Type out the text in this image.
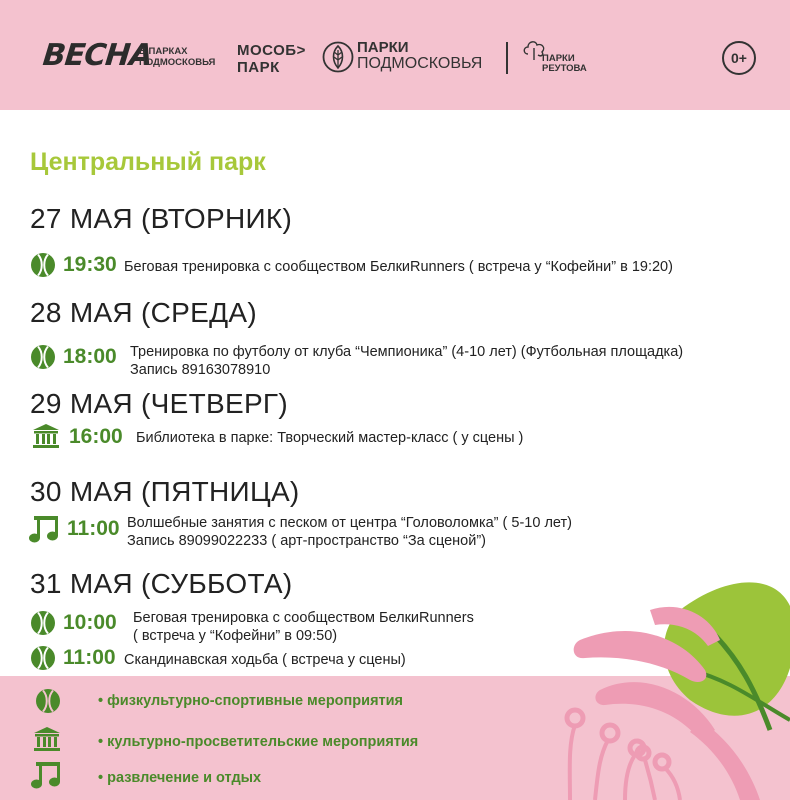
ВЕСНА
В ПАРКАХ
ПОДМОСКОВЬЯ
МОСОБ>
ПАРК
ПАРКИ
ПОДМОСКОВЬЯ	ПАРКИ
РЕУТОВА
0+
Центральный парк
27 МАЯ (ВТОРНИК)
19:30 Беговая тренировка с сообществом БелкиRunners ( встреча у “Кофейни” в 19:20)
28 МАЯ (СРЕДА)
18:00 Тренировка по футболу от клуба “Чемпионика” (4-10 лет) (Футбольная площадка)
Запись 89163078910
29 МАЯ (ЧЕТВЕРГ)
16:00 Библиотека в парке: Творческий мастер-класс ( у сцены )
30 МАЯ (ПЯТНИЦА)
11:00 Волшебные занятия с песком от центра “Головоломка” ( 5-10 лет)
Запись 89099022233 ( арт-пространство “За сценой”)
31 МАЯ (СУББОТА)
10:00 Беговая тренировка с сообществом БелкиRunners
( встреча у “Кофейни” в 09:50)
11:00 Скандинавская ходьба ( встреча у сцены)
• физкультурно-спортивные мероприятия
• культурно-просветительские мероприятия
• развлечение и отдых
